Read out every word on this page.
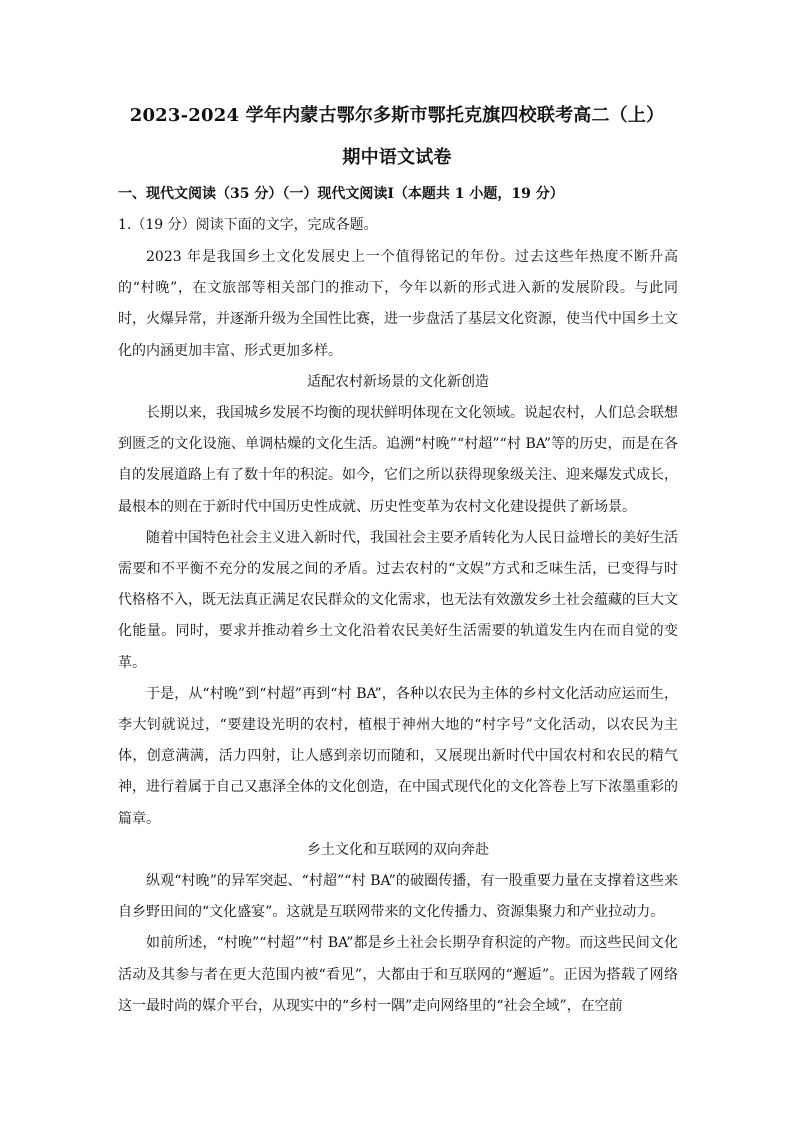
2023-2024 学年内蒙古鄂尔多斯市鄂托克旗四校联考高二（上）
期中语文试卷
一、现代文阅读（35 分）（一）现代文阅读Ⅰ（本题共 1 小题，19 分）
1.（19 分）阅读下面的文字，完成各题。

2023 年是我国乡土文化发展史上一个值得铭记的年份。过去这些年热度不断升高的“村晚”，在文旅部等相关部门的推动下，今年以新的形式进入新的发展阶段。与此同时，火爆异常，并逐渐升级为全国性比赛，进一步盘活了基层文化资源，使当代中国乡土文化的内涵更加丰富、形式更加多样。

适配农村新场景的文化新创造

长期以来，我国城乡发展不均衡的现状鲜明体现在文化领域。说起农村，人们总会联想到匮乏的文化设施、单调枯燥的文化生活。追溯“村晚”“村超”“村 BA”等的历史，而是在各自的发展道路上有了数十年的积淀。如今，它们之所以获得现象级关注、迎来爆发式成长，最根本的则在于新时代中国历史性成就、历史性变革为农村文化建设提供了新场景。

随着中国特色社会主义进入新时代，我国社会主要矛盾转化为人民日益增长的美好生活需要和不平衡不充分的发展之间的矛盾。过去农村的“文娱”方式和乏味生活，已变得与时代格格不入，既无法真正满足农民群众的文化需求，也无法有效激发乡土社会蕴藏的巨大文化能量。同时，要求并推动着乡土文化沿着农民美好生活需要的轨道发生内在而自觉的变革。

于是，从“村晚”到“村超”再到“村 BA”，各种以农民为主体的乡村文化活动应运而生，李大钊就说过，“要建设光明的农村，植根于神州大地的“村字号”文化活动，以农民为主体，创意满满，活力四射，让人感到亲切而随和，又展现出新时代中国农村和农民的精气神，进行着属于自己又惠泽全体的文化创造，在中国式现代化的文化答卷上写下浓墨重彩的篇章。

乡土文化和互联网的双向奔赴

纵观“村晚”的异军突起、“村超”“村 BA”的破圈传播，有一股重要力量在支撑着这些来自乡野田间的“文化盛宴”。这就是互联网带来的文化传播力、资源集聚力和产业拉动力。

如前所述，“村晚”“村超”“村 BA”都是乡土社会长期孕育积淀的产物。而这些民间文化活动及其参与者在更大范围内被“看见”，大都由于和互联网的“邂逅”。正因为搭载了网络这一最时尚的媒介平台，从现实中的“乡村一隅”走向网络里的“社会全域”，在空前
